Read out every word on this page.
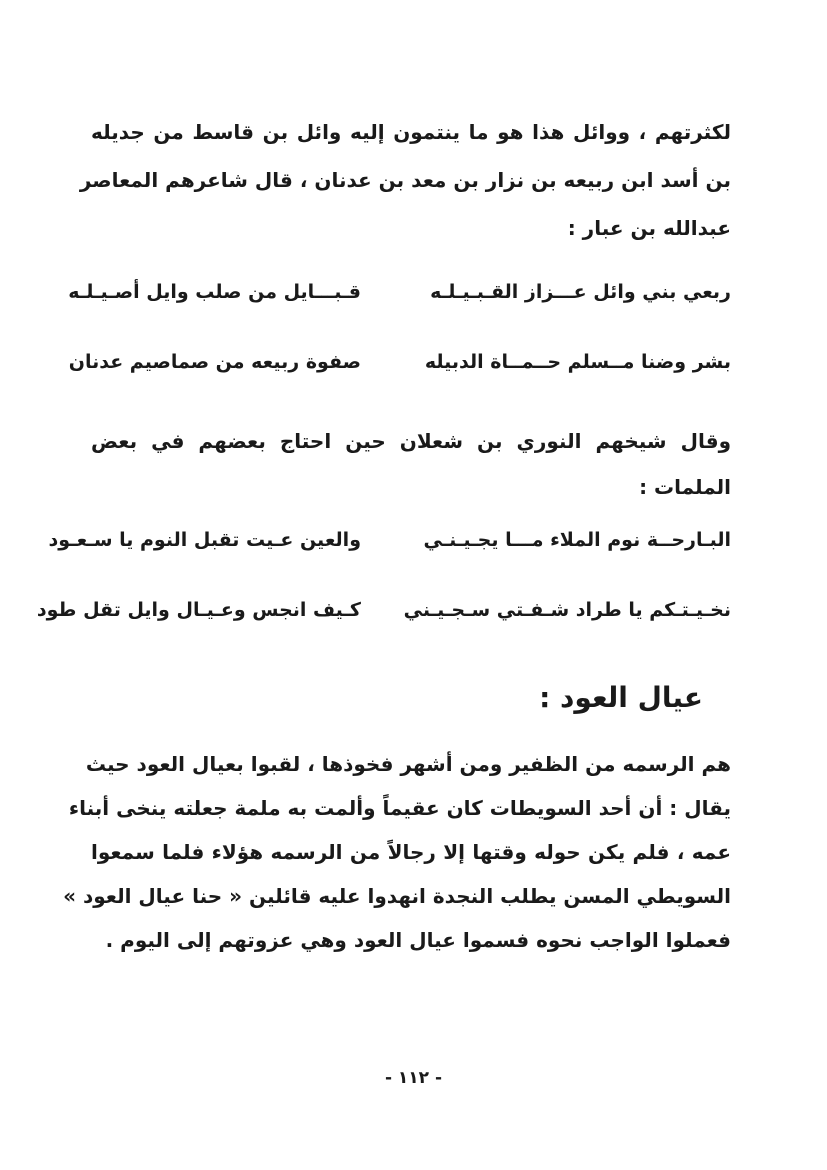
لكثرتهم ، ووائل هذا هو ما ينتمون إليه وائل بن قاسط من جديله
بن أسد ابن ربيعه بن نزار بن معد بن عدنان ، قال شاعرهم المعاصر
عبدالله بن عبار :
ربعي بني وائل عـــزاز القـبـيـلـه
قـبـــايل من صلب وايل أصـيـلـه
بشر وضنا مــسلم حــمــاة الدبيله
صفوة ربيعه من صماصيم عدنان
وقال شيخهم النوري بن شعلان حين احتاج بعضهم في بعض
الملمات :
البـارحــة نوم الملاء مـــا يجـيـنـي
والعين عـيت تقبل النوم يا سـعـود
نخـيـتـكم يا طراد شـفـتي سـجـيـني
كـيف انجس وعـيـال وايل تقل طود
عيال العود :
هم الرسمه من الظفير ومن أشهر فخوذها ، لقبوا بعيال العود حيث
يقال : أن أحد السويطات كان عقيماً وألمت به ملمة جعلته ينخى أبناء
عمه ، فلم يكن حوله وقتها إلا رجالاً من الرسمه هؤلاء فلما سمعوا
السويطي المسن يطلب النجدة انهدوا عليه قائلين « حنا عيال العود »
فعملوا الواجب نحوه فسموا عيال العود وهي عزوتهم إلى اليوم .
- ١١٢ -
